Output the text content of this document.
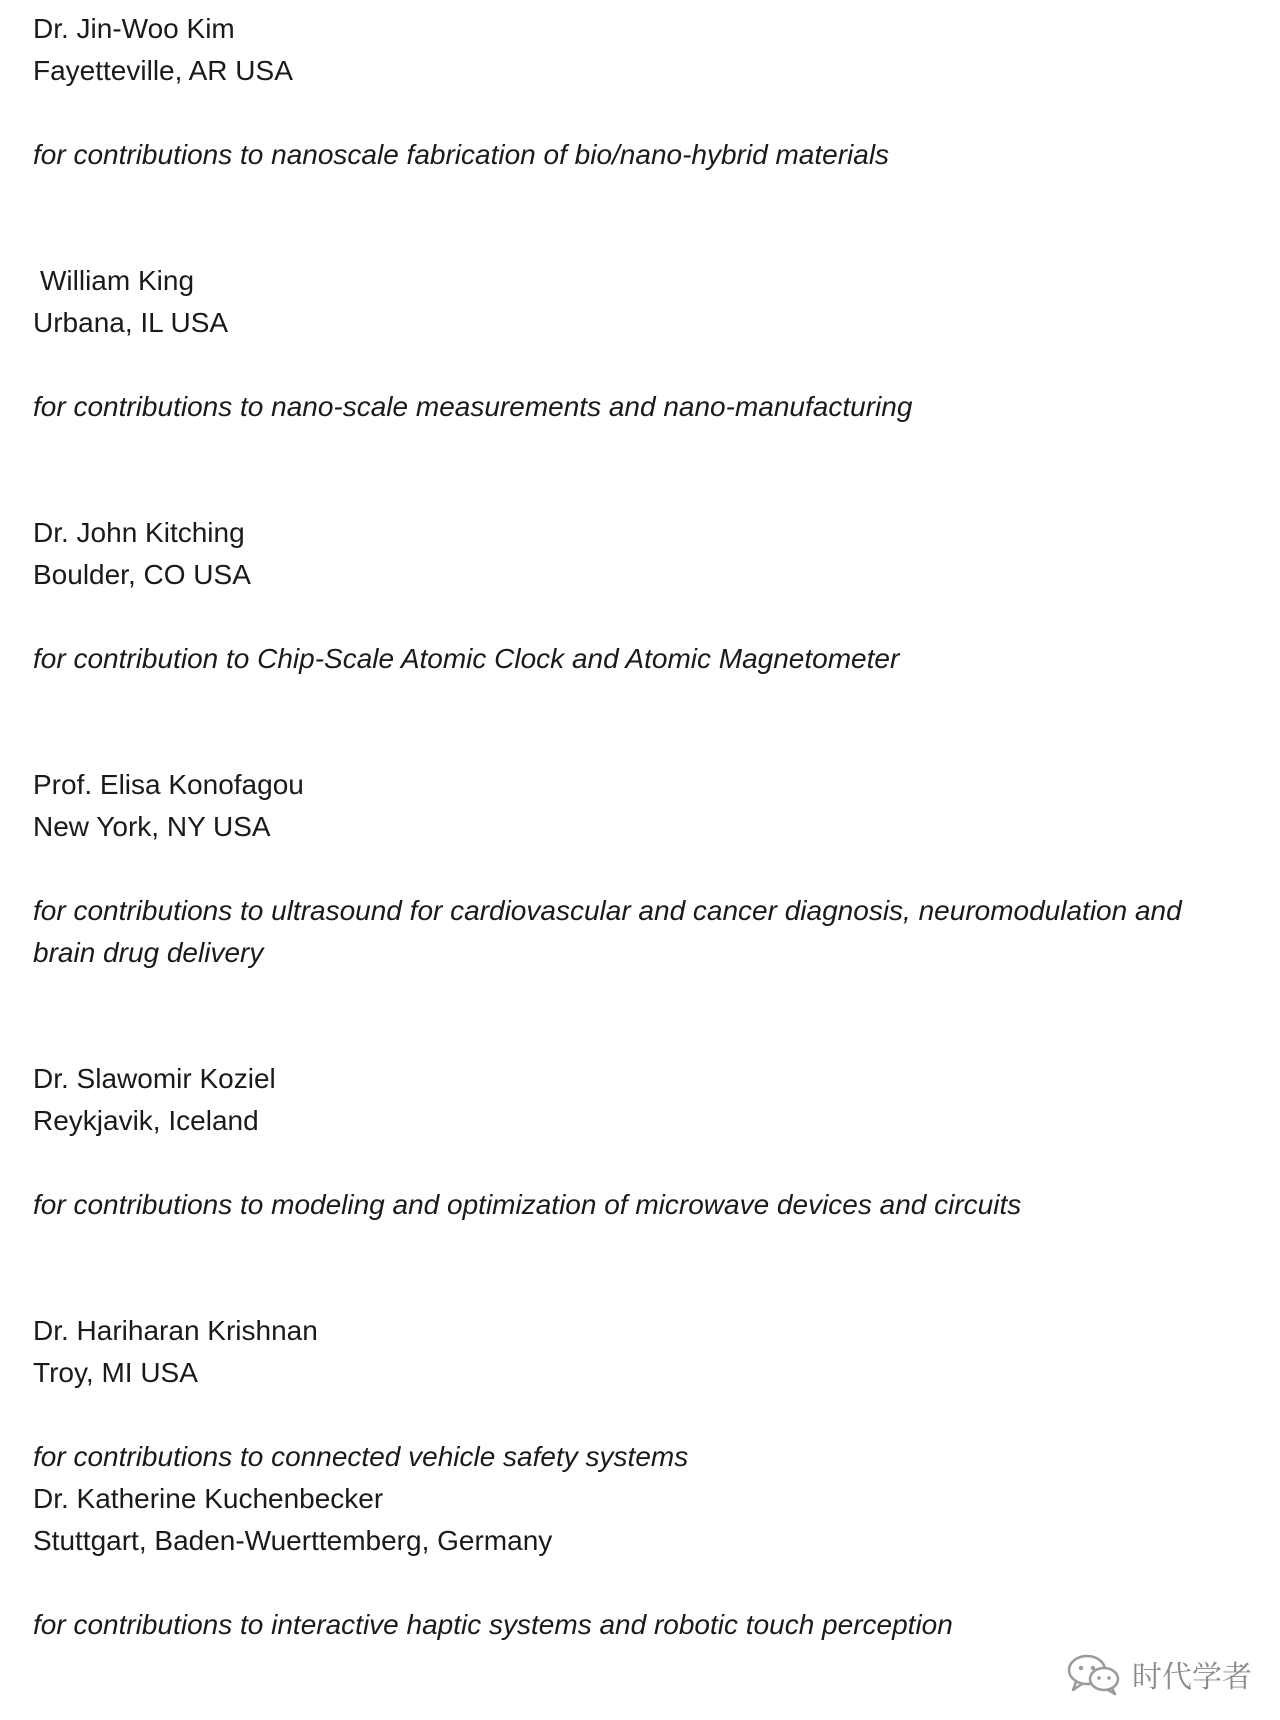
Dr. Jin-Woo Kim
Fayetteville, AR USA
for contributions to nanoscale fabrication of bio/nano-hybrid materials
William King
Urbana, IL USA
for contributions to nano-scale measurements and nano-manufacturing
Dr. John Kitching
Boulder, CO USA
for contribution to Chip-Scale Atomic Clock and Atomic Magnetometer
Prof. Elisa Konofagou
New York, NY USA
for contributions to ultrasound for cardiovascular and cancer diagnosis, neuromodulation and
brain drug delivery
Dr. Slawomir Koziel
Reykjavik, Iceland
for contributions to modeling and optimization of microwave devices and circuits
Dr. Hariharan Krishnan
Troy, MI USA
for contributions to connected vehicle safety systems
Dr. Katherine Kuchenbecker
Stuttgart, Baden-Wuerttemberg, Germany
for contributions to interactive haptic systems and robotic touch perception
时代学者
